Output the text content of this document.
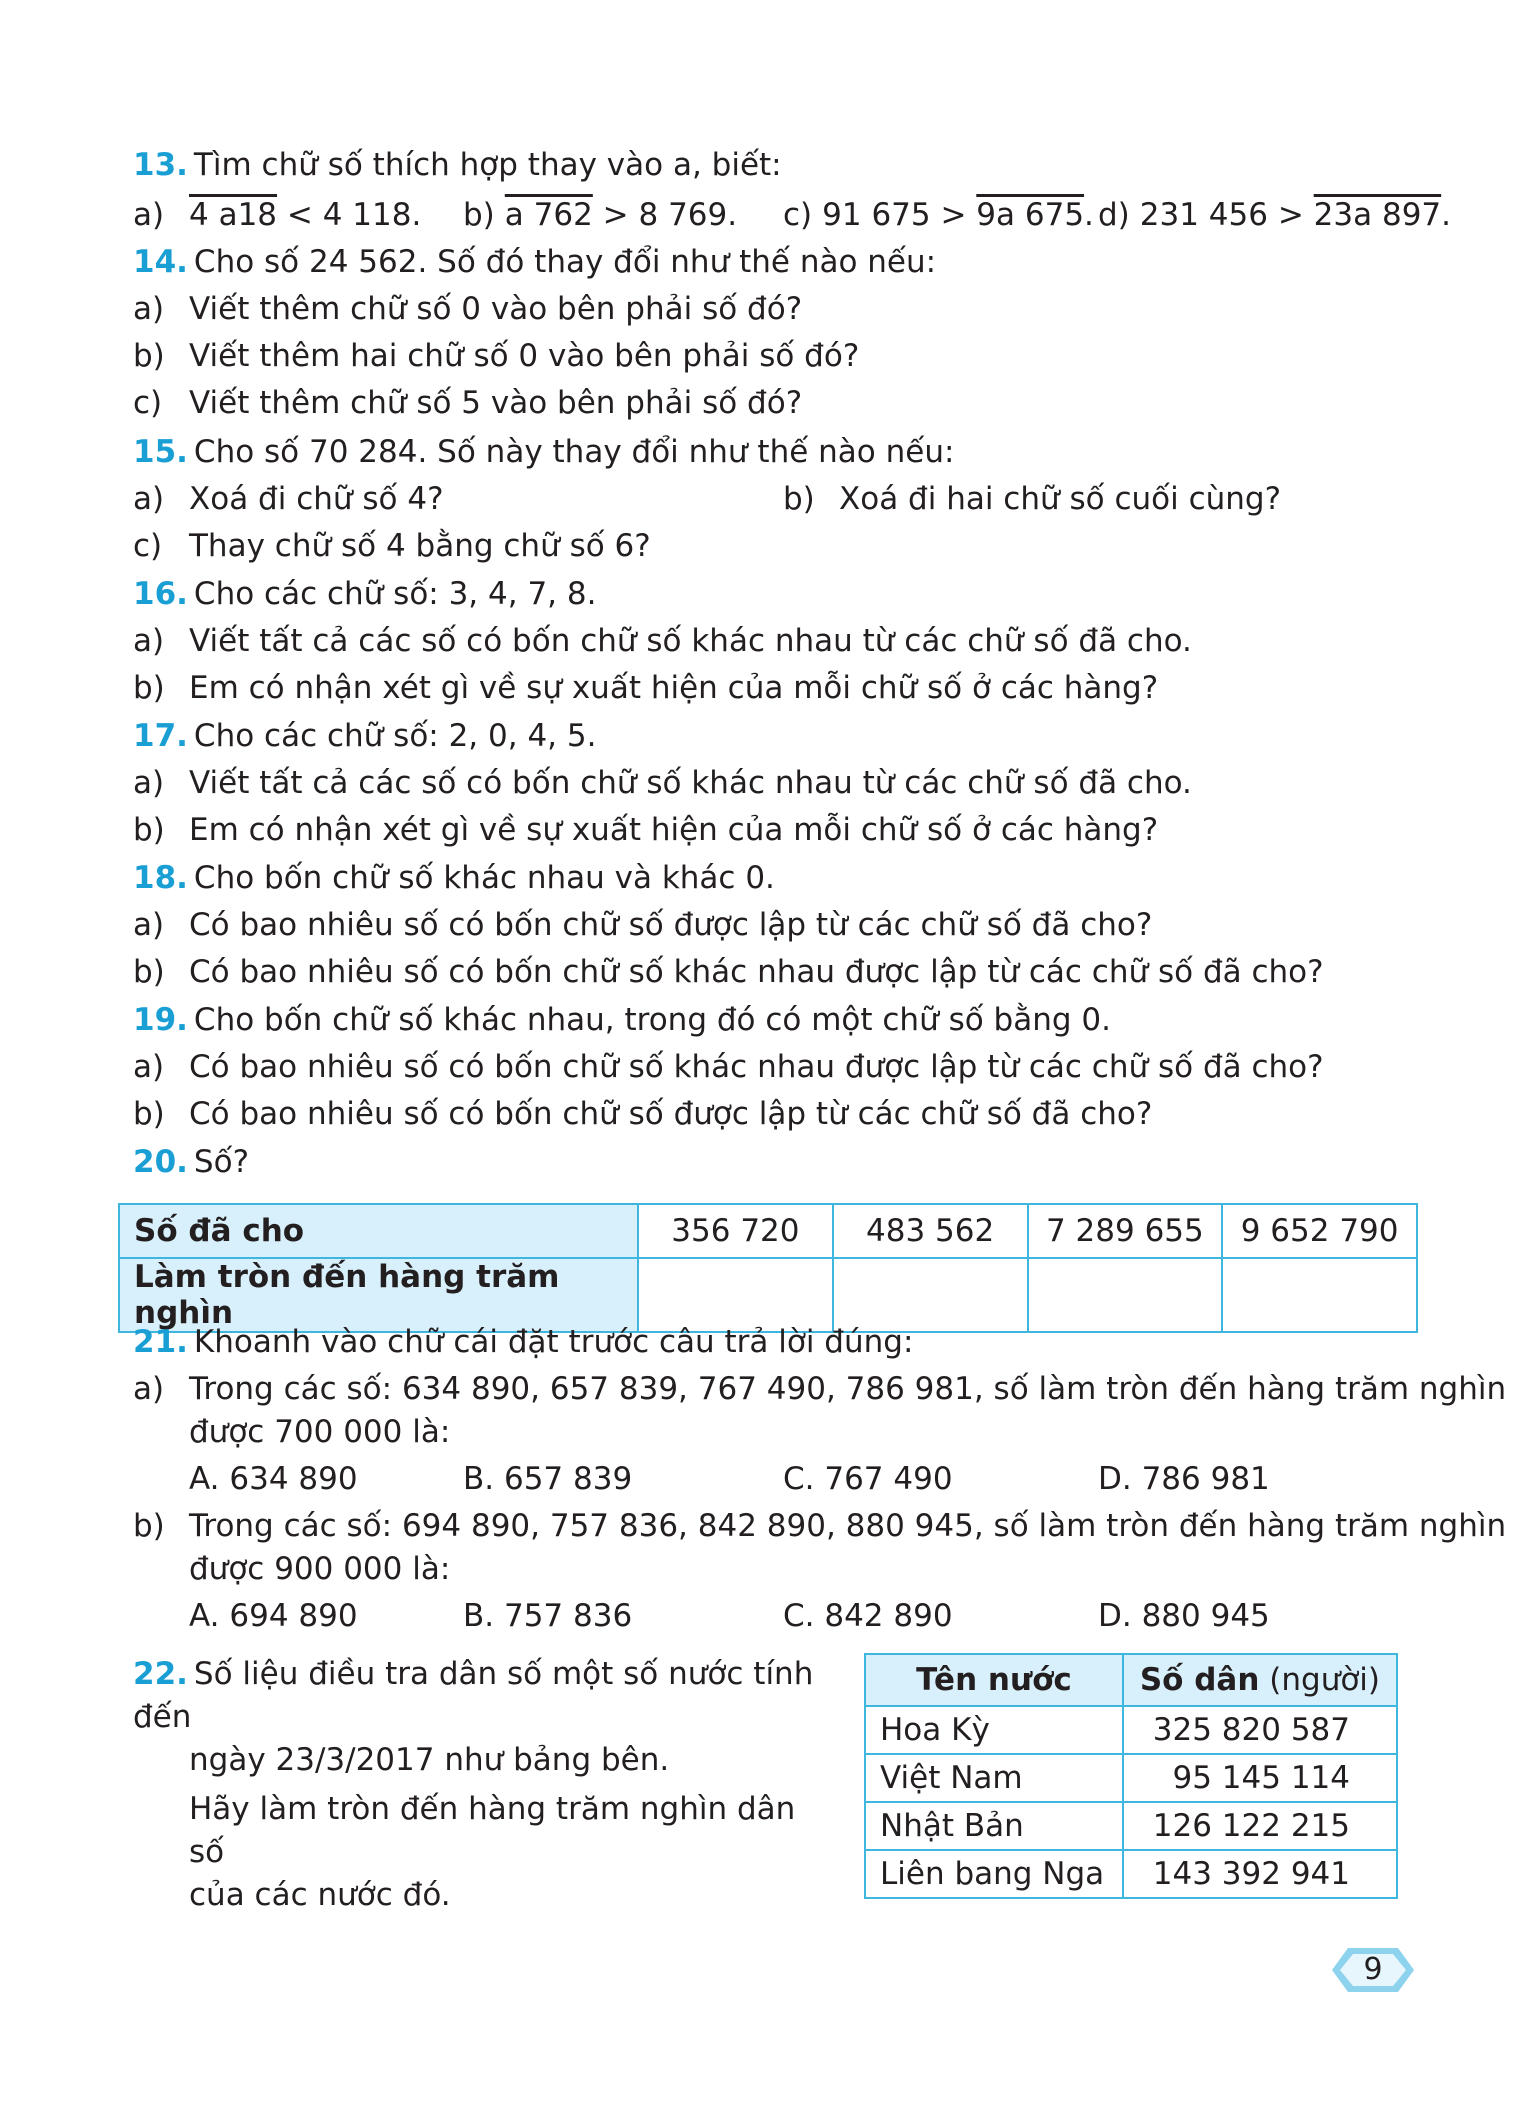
13. Tìm chữ số thích hợp thay vào a, biết:
a) 4 a18 < 4 118. b) a 762 > 8 769. c) 91 675 > 9a 675. d) 231 456 > 23a 897.
14. Cho số 24 562. Số đó thay đổi như thế nào nếu:
a) Viết thêm chữ số 0 vào bên phải số đó?
b) Viết thêm hai chữ số 0 vào bên phải số đó?
c) Viết thêm chữ số 5 vào bên phải số đó?
15. Cho số 70 284. Số này thay đổi như thế nào nếu:
a) Xoá đi chữ số 4?	b) Xoá đi hai chữ số cuối cùng?
c) Thay chữ số 4 bằng chữ số 6?
16. Cho các chữ số: 3, 4, 7, 8.
a) Viết tất cả các số có bốn chữ số khác nhau từ các chữ số đã cho.
b) Em có nhận xét gì về sự xuất hiện của mỗi chữ số ở các hàng?
17. Cho các chữ số: 2, 0, 4, 5.
a) Viết tất cả các số có bốn chữ số khác nhau từ các chữ số đã cho.
b) Em có nhận xét gì về sự xuất hiện của mỗi chữ số ở các hàng?
18. Cho bốn chữ số khác nhau và khác 0.
a) Có bao nhiêu số có bốn chữ số được lập từ các chữ số đã cho?
b) Có bao nhiêu số có bốn chữ số khác nhau được lập từ các chữ số đã cho?
19. Cho bốn chữ số khác nhau, trong đó có một chữ số bằng 0.
a) Có bao nhiêu số có bốn chữ số khác nhau được lập từ các chữ số đã cho?
b) Có bao nhiêu số có bốn chữ số được lập từ các chữ số đã cho?
20. Số?
Số đã cho	356 720	483 562	7 289 655	9 652 790
Làm tròn đến hàng trăm nghìn				
21. Khoanh vào chữ cái đặt trước câu trả lời đúng:
a) Trong các số: 634 890, 657 839, 767 490, 786 981, số làm tròn đến hàng trăm nghìn
được 700 000 là:
A. 634 890	B. 657 839	C. 767 490	D. 786 981
b) Trong các số: 694 890, 757 836, 842 890, 880 945, số làm tròn đến hàng trăm nghìn
được 900 000 là:
A. 694 890	B. 757 836	C. 842 890	D. 880 945
22. Số liệu điều tra dân số một số nước tính đến
ngày 23/3/2017 như bảng bên.
Hãy làm tròn đến hàng trăm nghìn dân số
của các nước đó.
Tên nước	Số dân (người)
Hoa Kỳ	325 820 587
Việt Nam	95 145 114
Nhật Bản	126 122 215
Liên bang Nga	143 392 941
9
